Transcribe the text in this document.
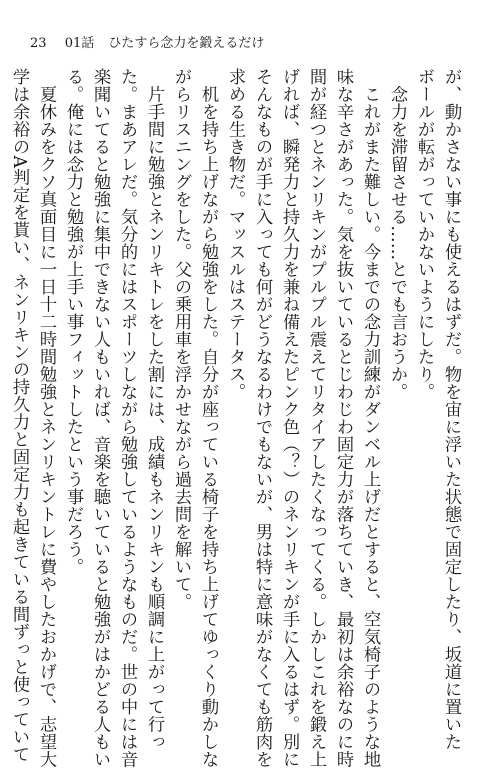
23 01話 ひたすら念力を鍛えるだけ
が、動かさない事にも使えるはずだ。物を宙に浮いた状態で固定したり、坂道に置いた
ボールが転がっていかないようにしたり。
　念力を滞留させる……とでも言おうか。
　これがまた難しい。今までの念力訓練がダンベル上げだとすると、空気椅子のような地
味な辛さがあった。気を抜いているとじわじわ固定力が落ちていき、最初は余裕なのに時
間が経つとネンリキンがプルプル震えてリタイアしたくなってくる。しかしこれを鍛え上
げれば、瞬発力と持久力を兼ね備えたピンク色（？）のネンリキンが手に入るはず。別に
そんなものが手に入っても何がどうなるわけでもないが、男は特に意味がなくても筋肉を
求める生き物だ。マッスルはステータス。
　机を持ち上げながら勉強をした。自分が座っている椅子を持ち上げてゆっくり動かしな
がらリスニングをした。父の乗用車を浮かせながら過去問を解いて。
　片手間に勉強とネンリキトレをした割には、成績もネンリキンも順調に上がって行っ
た。まあアレだ。気分的にはスポーツしながら勉強しているようなものだ。世の中には音
楽聞いてると勉強に集中できない人もいれば、音楽を聴いていると勉強がはかどる人もい
る。俺には念力と勉強が上手い事フィットしたという事だろう。
　夏休みをクソ真面目に一日十二時間勉強とネンリキントレに費やしたおかげで、志望大
学は余裕のA判定を貰い、ネンリキンの持久力と固定力も起きている間ずっと使っていて
